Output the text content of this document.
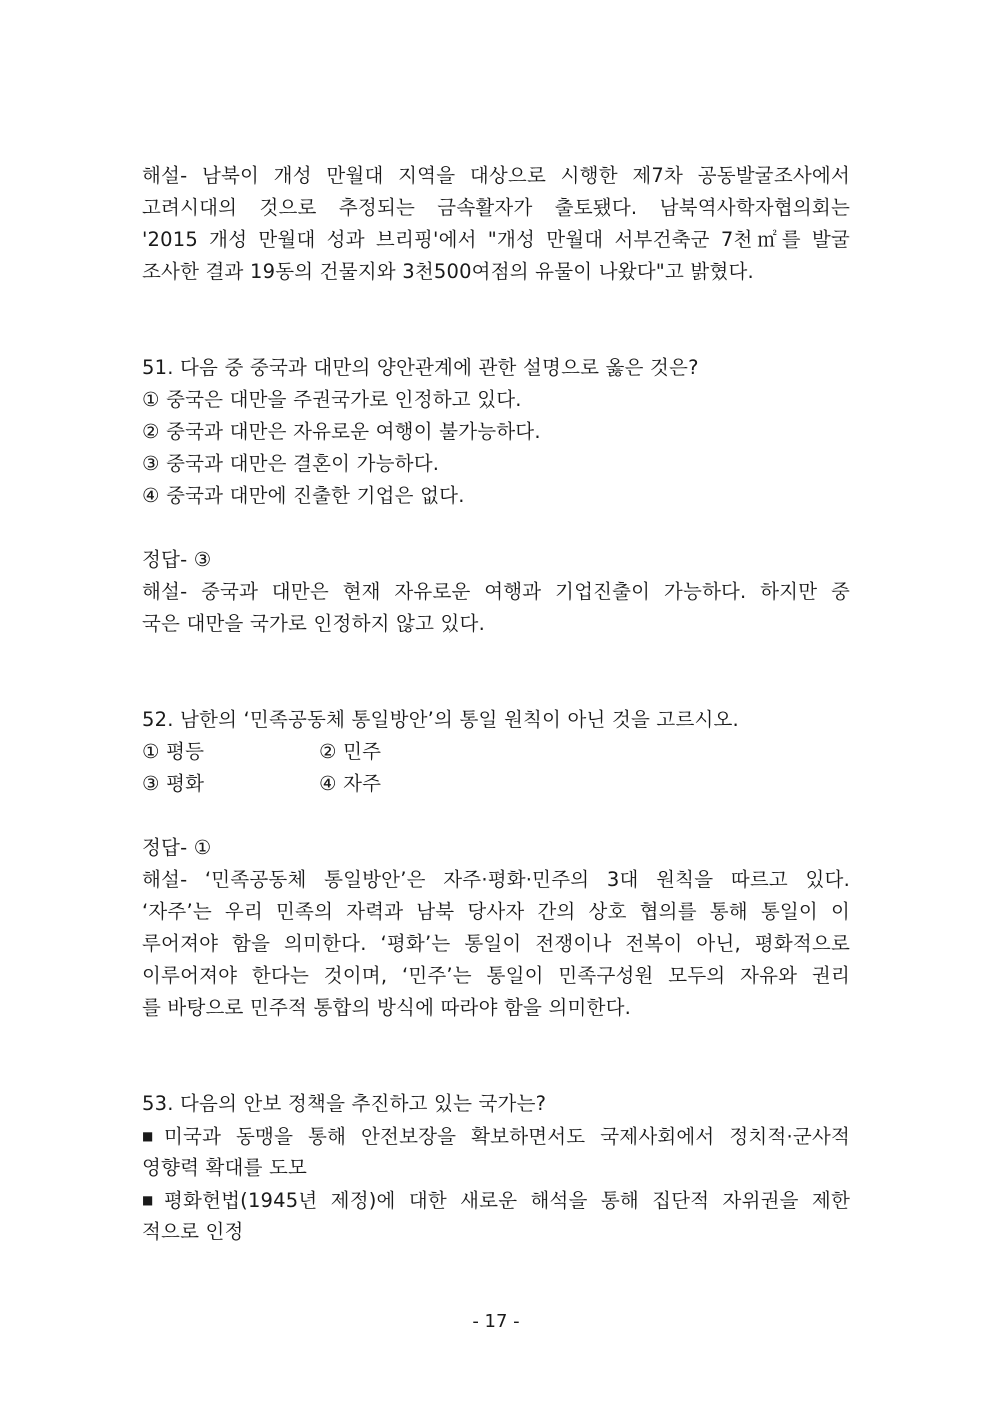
해설- 남북이 개성 만월대 지역을 대상으로 시행한 제7차 공동발굴조사에서
고려시대의 것으로 추정되는 금속활자가 출토됐다. 남북역사학자협의회는
'2015 개성 만월대 성과 브리핑'에서 "개성 만월대 서부건축군 7천㎡를 발굴
조사한 결과 19동의 건물지와 3천500여점의 유물이 나왔다"고 밝혔다.
51. 다음 중 중국과 대만의 양안관계에 관한 설명으로 옳은 것은?
① 중국은 대만을 주권국가로 인정하고 있다.
② 중국과 대만은 자유로운 여행이 불가능하다.
③ 중국과 대만은 결혼이 가능하다.
④ 중국과 대만에 진출한 기업은 없다.
정답- ③
해설- 중국과 대만은 현재 자유로운 여행과 기업진출이 가능하다. 하지만 중
국은 대만을 국가로 인정하지 않고 있다.
52. 남한의 ‘민족공동체 통일방안’의 통일 원칙이 아닌 것을 고르시오.
① 평등	② 민주
③ 평화	④ 자주
정답- ①
해설- ‘민족공동체 통일방안’은 자주·평화·민주의 3대 원칙을 따르고 있다.
‘자주’는 우리 민족의 자력과 남북 당사자 간의 상호 협의를 통해 통일이 이
루어져야 함을 의미한다. ‘평화’는 통일이 전쟁이나 전복이 아닌, 평화적으로
이루어져야 한다는 것이며, ‘민주’는 통일이 민족구성원 모두의 자유와 권리
를 바탕으로 민주적 통합의 방식에 따라야 함을 의미한다.
53. 다음의 안보 정책을 추진하고 있는 국가는?
■ 미국과 동맹을 통해 안전보장을 확보하면서도 국제사회에서 정치적·군사적
영향력 확대를 도모
■ 평화헌법(1945년 제정)에 대한 새로운 해석을 통해 집단적 자위권을 제한
적으로 인정
- 17 -
